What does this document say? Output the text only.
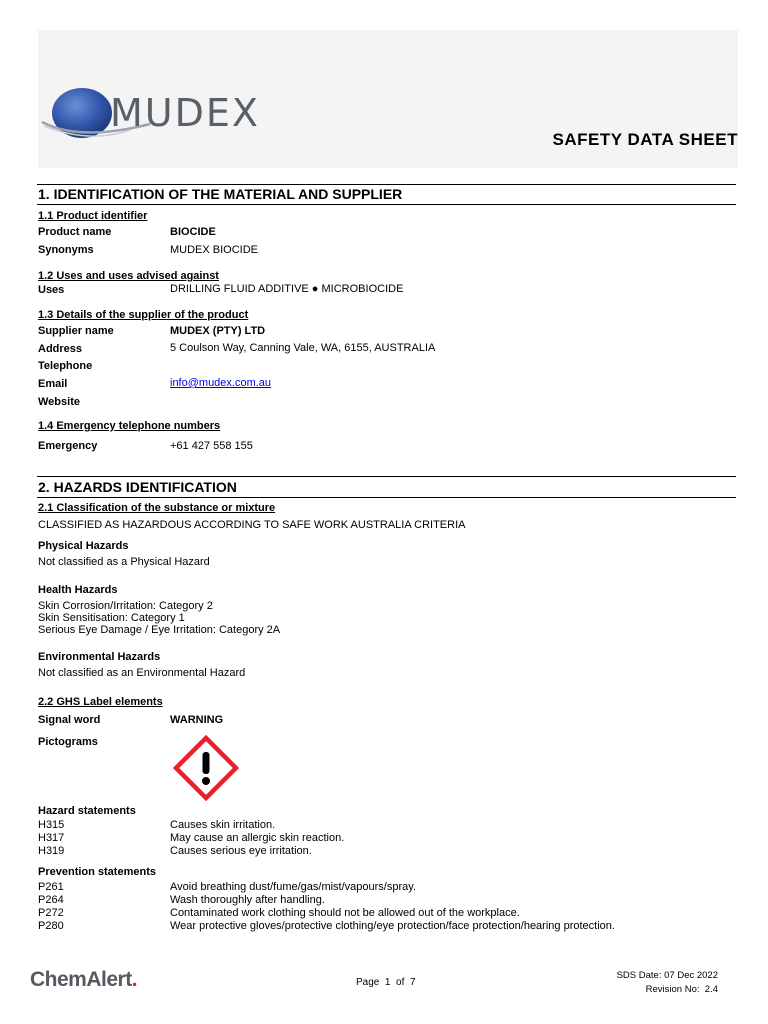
MUDEX
SAFETY DATA SHEET
1. IDENTIFICATION OF THE MATERIAL AND SUPPLIER
1.1 Product identifier
Product name	BIOCIDE
Synonyms	MUDEX BIOCIDE
1.2 Uses and uses advised against
Uses	DRILLING FLUID ADDITIVE ● MICROBIOCIDE
1.3 Details of the supplier of the product
Supplier name	MUDEX (PTY) LTD
Address	5 Coulson Way, Canning Vale, WA, 6155, AUSTRALIA
Telephone
Email	info@mudex.com.au
Website
1.4 Emergency telephone numbers
Emergency	+61 427 558 155
2. HAZARDS IDENTIFICATION
2.1 Classification of the substance or mixture
CLASSIFIED AS HAZARDOUS ACCORDING TO SAFE WORK AUSTRALIA CRITERIA
Physical Hazards
Not classified as a Physical Hazard
Health Hazards
Skin Corrosion/Irritation: Category 2
Skin Sensitisation: Category 1
Serious Eye Damage / Eye Irritation: Category 2A
Environmental Hazards
Not classified as an Environmental Hazard
2.2 GHS Label elements
Signal word	WARNING
Pictograms
Hazard statements
H315	Causes skin irritation.
H317	May cause an allergic skin reaction.
H319	Causes serious eye irritation.
Prevention statements
P261	Avoid breathing dust/fume/gas/mist/vapours/spray.
P264	Wash thoroughly after handling.
P272	Contaminated work clothing should not be allowed out of the workplace.
P280	Wear protective gloves/protective clothing/eye protection/face protection/hearing protection.
ChemAlert.	Page 1 of 7
SDS Date: 07 Dec 2022
Revision No: 2.4
